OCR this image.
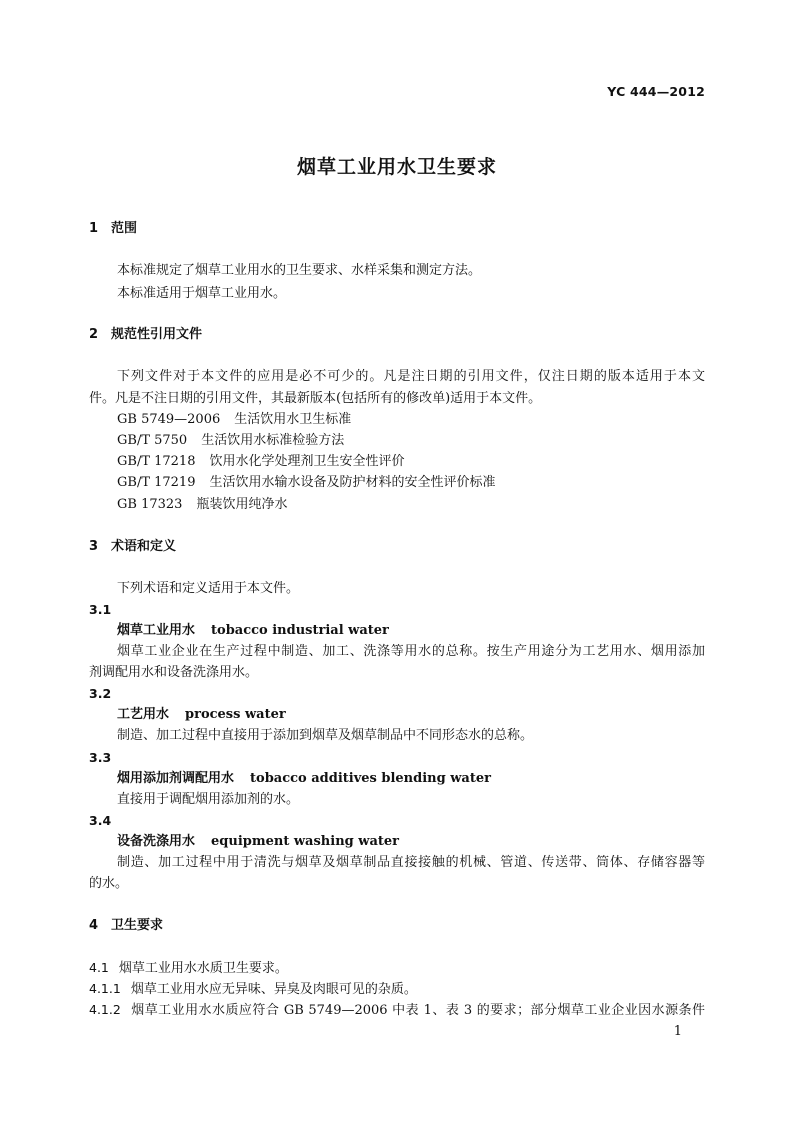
YC 444—2012
烟草工业用水卫生要求
1 范围
本标准规定了烟草工业用水的卫生要求、水样采集和测定方法。
本标准适用于烟草工业用水。
2 规范性引用文件
下列文件对于本文件的应用是必不可少的。凡是注日期的引用文件，仅注日期的版本适用于本文
件。凡是不注日期的引用文件，其最新版本(包括所有的修改单)适用于本文件。
GB 5749—2006 生活饮用水卫生标准
GB/T 5750 生活饮用水标准检验方法
GB/T 17218 饮用水化学处理剂卫生安全性评价
GB/T 17219 生活饮用水输水设备及防护材料的安全性评价标准
GB 17323 瓶装饮用纯净水
3 术语和定义
下列术语和定义适用于本文件。
3.1
烟草工业用水 tobacco industrial water
烟草工业企业在生产过程中制造、加工、洗涤等用水的总称。按生产用途分为工艺用水、烟用添加
剂调配用水和设备洗涤用水。
3.2
工艺用水 process water
制造、加工过程中直接用于添加到烟草及烟草制品中不同形态水的总称。
3.3
烟用添加剂调配用水 tobacco additives blending water
直接用于调配烟用添加剂的水。
3.4
设备洗涤用水 equipment washing water
制造、加工过程中用于清洗与烟草及烟草制品直接接触的机械、管道、传送带、筒体、存储容器等
的水。
4 卫生要求
4.1 烟草工业用水水质卫生要求。
4.1.1 烟草工业用水应无异味、异臭及肉眼可见的杂质。
4.1.2 烟草工业用水水质应符合 GB 5749—2006 中表 1、表 3 的要求；部分烟草工业企业因水源条件
1
